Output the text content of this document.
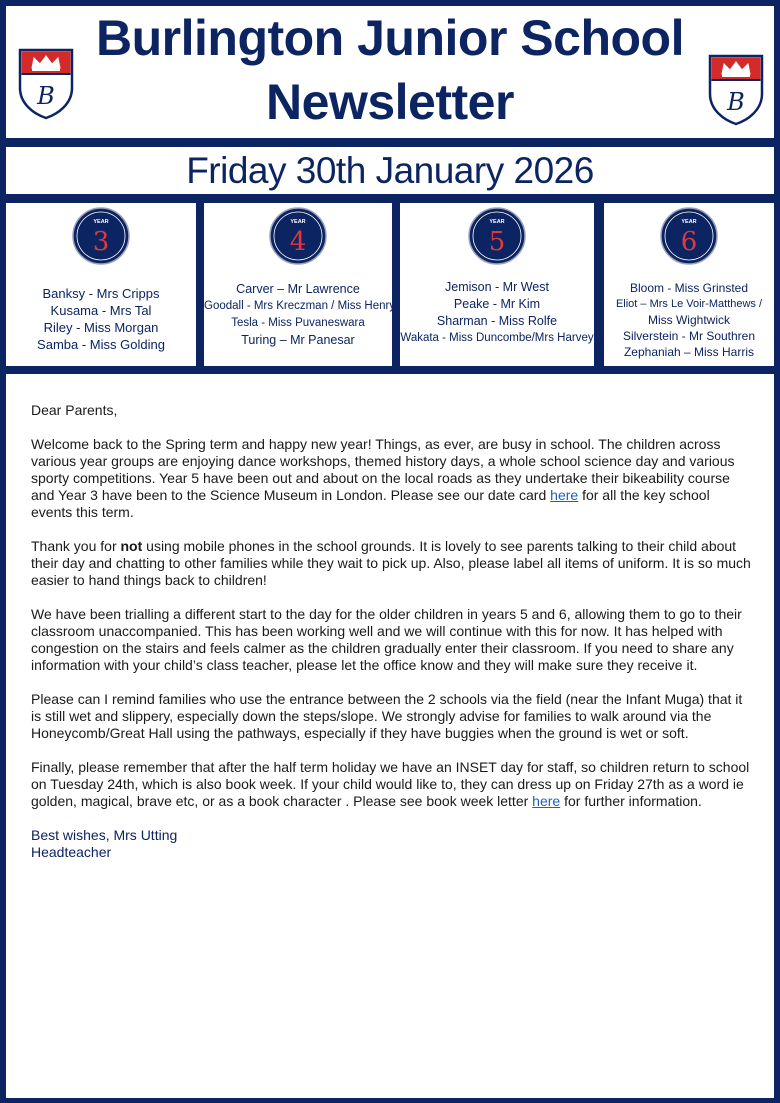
Burlington Junior School
Newsletter
B	B
Friday 30th January 2026
YEAR
3
Banksy - Mrs Cripps
Kusama - Mrs Tal
Riley - Miss Morgan
Samba - Miss Golding
YEAR
4
Carver – Mr Lawrence
Goodall - Mrs Kreczman / Miss Henry
Tesla - Miss Puvaneswara
Turing – Mr Panesar
YEAR
5
Jemison - Mr West
Peake - Mr Kim
Sharman - Miss Rolfe
Wakata - Miss Duncombe/Mrs Harvey
YEAR
6
Bloom - Miss Grinsted
Eliot – Mrs Le Voir-Matthews /
Miss Wightwick
Silverstein - Mr Southren
Zephaniah – Miss Harris

Dear Parents,

Welcome back to the Spring term and happy new year! Things, as ever, are busy in school. The children across various year groups are enjoying dance workshops, themed history days, a whole school science day and various sporty competitions. Year 5 have been out and about on the local roads as they undertake their bikeability course and Year 3 have been to the Science Museum in London. Please see our date card here for all the key school events this term.

Thank you for not using mobile phones in the school grounds. It is lovely to see parents talking to their child about their day and chatting to other families while they wait to pick up. Also, please label all items of uniform. It is so much easier to hand things back to children!

We have been trialling a different start to the day for the older children in years 5 and 6, allowing them to go to their classroom unaccompanied. This has been working well and we will continue with this for now. It has helped with congestion on the stairs and feels calmer as the children gradually enter their classroom. If you need to share any information with your child’s class teacher, please let the office know and they will make sure they receive it.

Please can I remind families who use the entrance between the 2 schools via the field (near the Infant Muga) that it is still wet and slippery, especially down the steps/slope. We strongly advise for families to walk around via the Honeycomb/Great Hall using the pathways, especially if they have buggies when the ground is wet or soft.

Finally, please remember that after the half term holiday we have an INSET day for staff, so children return to school on Tuesday 24th, which is also book week. If your child would like to, they can dress up on Friday 27th as a word ie golden, magical, brave etc, or as a book character . Please see book week letter here for further information.

Best wishes, Mrs Utting

Headteacher
